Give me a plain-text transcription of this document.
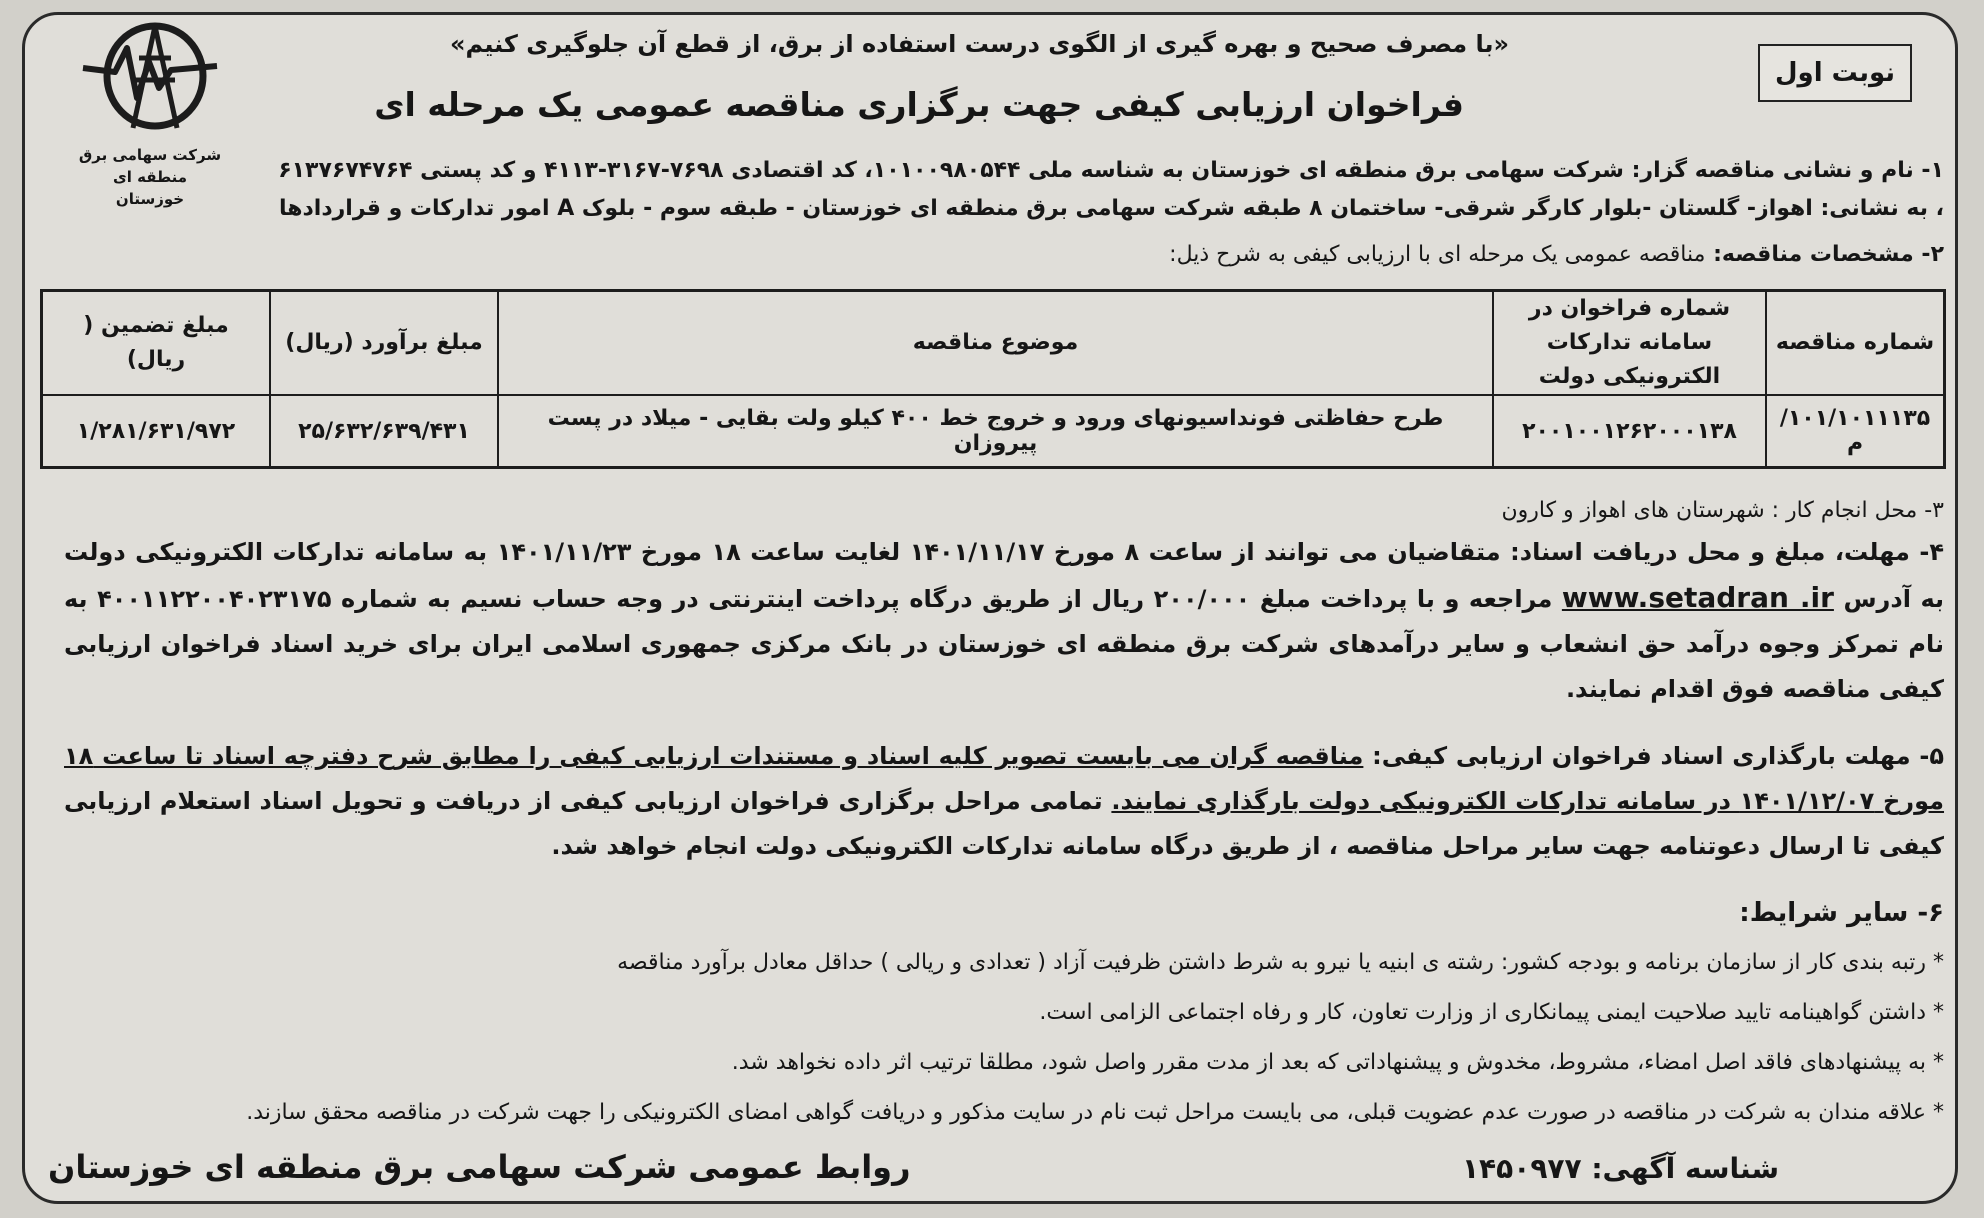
شرکت سهامی برق منطقه ای
خوزستان
نوبت اول
«با مصرف صحیح و بهره گیری از الگوی درست استفاده از برق، از قطع آن جلوگیری کنیم»
فراخوان ارزیابی کیفی جهت برگزاری مناقصه عمومی یک مرحله ای
۱- نام و نشانی مناقصه گزار: شرکت سهامی برق منطقه ای خوزستان به شناسه ملی ۱۰۱۰۰۹۸۰۵۴۴، کد اقتصادی ۷۶۹۸-۳۱۶۷-۴۱۱۳ و کد پستی ۶۱۳۷۶۷۴۷۶۴
، به نشانی: اهواز- گلستان -بلوار کارگر شرقی- ساختمان ۸ طبقه شرکت سهامی برق منطقه ای خوزستان - طبقه سوم - بلوک A امور تدارکات و قراردادها
۲- مشخصات مناقصه: مناقصه عمومی یک مرحله ای با ارزیابی کیفی به شرح ذیل:
شماره مناقصه	شماره فراخوان در سامانه تدارکات الکترونیکی دولت	موضوع مناقصه	مبلغ برآورد (ریال)	مبلغ تضمین ( ریال)
۱۰۱/۱۰۱۱۱۳۵/م	۲۰۰۱۰۰۱۲۶۲۰۰۰۱۳۸	طرح حفاظتی فونداسیونهای ورود و خروج خط ۴۰۰ کیلو ولت بقایی - میلاد در پست پیروزان	۲۵/۶۳۲/۶۳۹/۴۳۱	۱/۲۸۱/۶۳۱/۹۷۲
۳- محل انجام کار : شهرستان های اهواز و کارون
۴- مهلت، مبلغ و محل دریافت اسناد: متقاضیان می توانند از ساعت ۸ مورخ ۱۴۰۱/۱۱/۱۷ لغایت ساعت ۱۸ مورخ ۱۴۰۱/۱۱/۲۳ به سامانه تدارکات الکترونیکی دولت به آدرس www.setadran .ir مراجعه و با پرداخت مبلغ ۲۰۰/۰۰۰ ریال از طریق درگاه پرداخت اینترنتی در وجه حساب نسیم به شماره ۴۰۰۱۱۲۲۰۰۴۰۲۳۱۷۵ به نام تمرکز وجوه درآمد حق انشعاب و سایر درآمدهای شرکت برق منطقه ای خوزستان در بانک مرکزی جمهوری اسلامی ایران برای خرید اسناد فراخوان ارزیابی کیفی مناقصه فوق اقدام نمایند.
۵- مهلت بارگذاری اسناد فراخوان ارزیابی کیفی: مناقصه گران می بایست تصویر کلیه اسناد و مستندات ارزیابی کیفی را مطابق شرح دفترچه اسناد تا ساعت ۱۸ مورخ ۱۴۰۱/۱۲/۰۷ در سامانه تدارکات الکترونیکی دولت بارگذاری نمایند. تمامی مراحل برگزاری فراخوان ارزیابی کیفی از دریافت و تحویل اسناد استعلام ارزیابی کیفی تا ارسال دعوتنامه جهت سایر مراحل مناقصه ، از طریق درگاه سامانه تدارکات الکترونیکی دولت انجام خواهد شد.
۶- سایر شرایط:
* رتبه بندی کار از سازمان برنامه و بودجه کشور: رشته ی ابنیه یا نیرو به شرط داشتن ظرفیت آزاد ( تعدادی و ریالی ) حداقل معادل برآورد مناقصه
* داشتن گواهینامه تایید صلاحیت ایمنی پیمانکاری از وزارت تعاون، کار و رفاه اجتماعی الزامی است.
* به پیشنهادهای فاقد اصل امضاء، مشروط، مخدوش و پیشنهاداتی که بعد از مدت مقرر واصل شود، مطلقا ترتیب اثر داده نخواهد شد.
* علاقه مندان به شرکت در مناقصه در صورت عدم عضویت قبلی، می بایست مراحل ثبت نام در سایت مذکور و دریافت گواهی امضای الکترونیکی را جهت شرکت در مناقصه محقق سازند.
شناسه آگهی: ۱۴۵۰۹۷۷
روابط عمومی شرکت سهامی برق منطقه ای خوزستان
